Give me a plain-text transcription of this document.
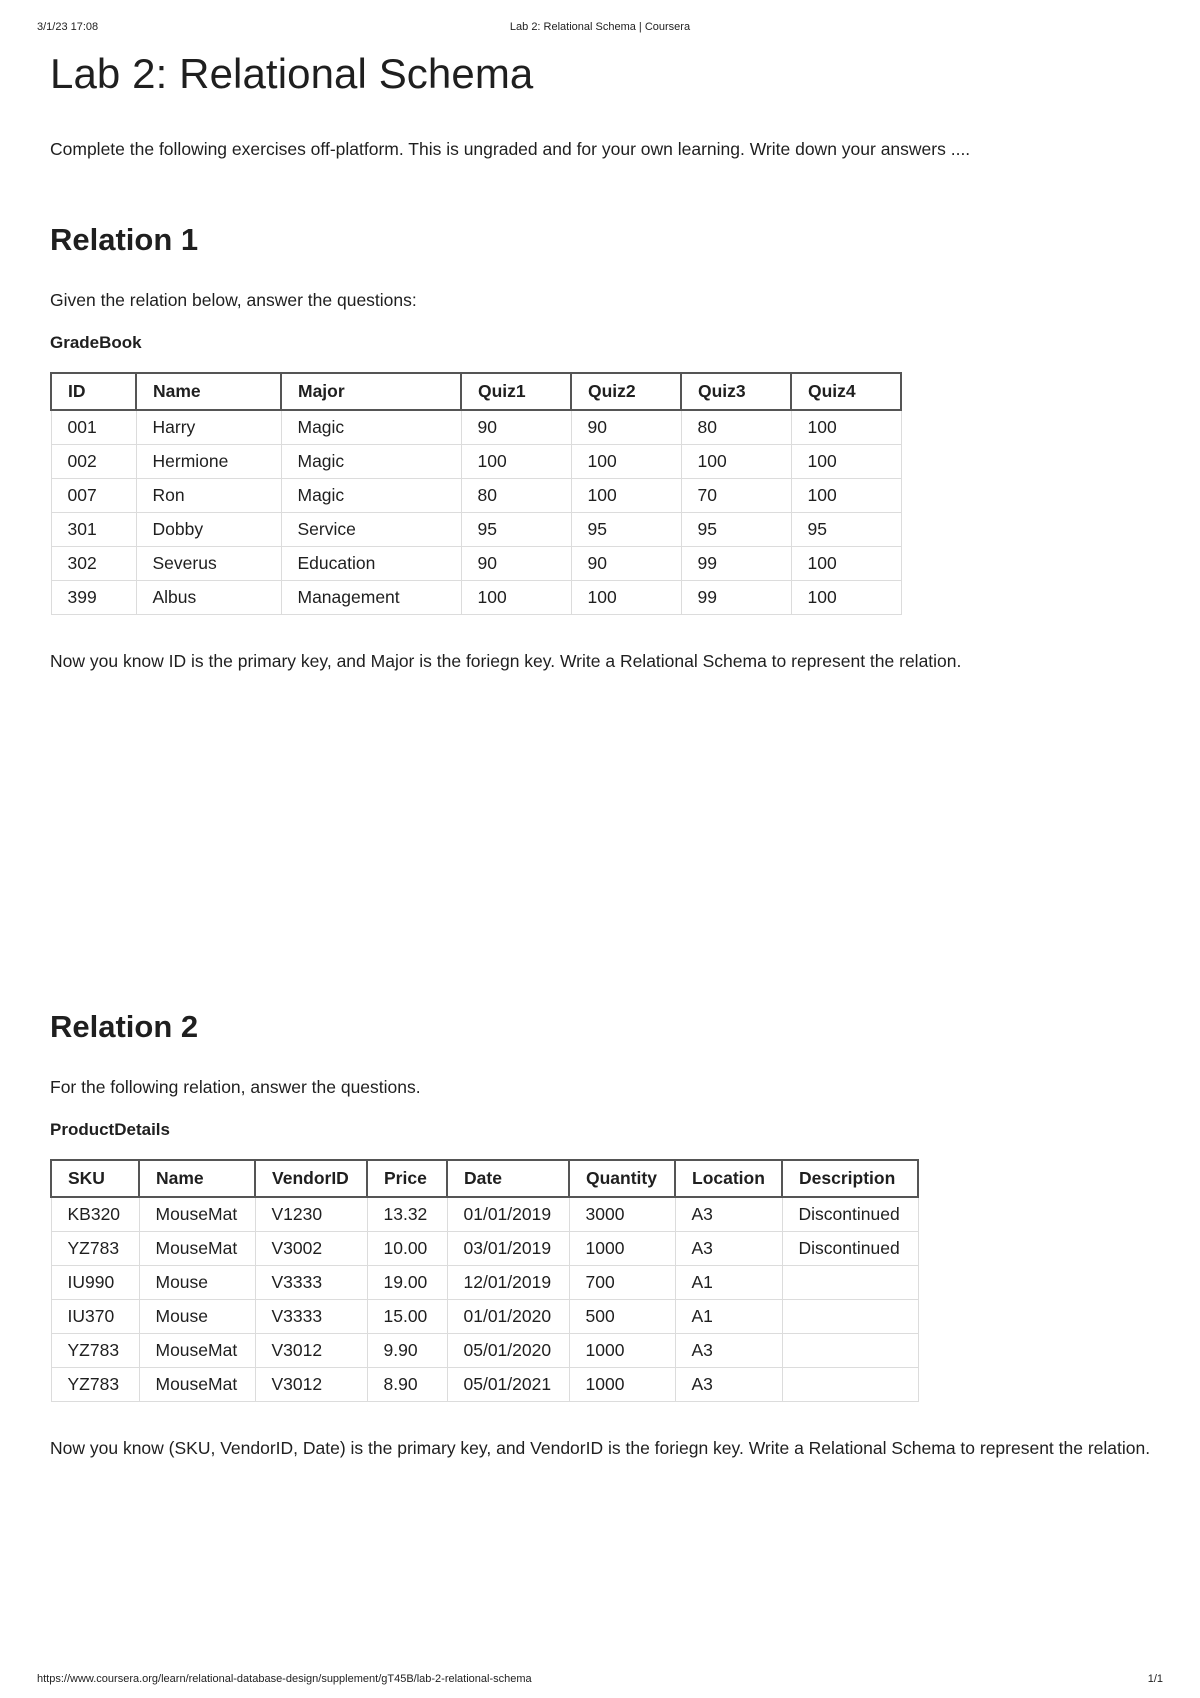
3/1/23 17:08	Lab 2: Relational Schema | Coursera
Lab 2: Relational Schema
Complete the following exercises off-platform. This is ungraded and for your own learning. Write down your answers ....
Relation 1
Given the relation below, answer the questions:
GradeBook
ID	Name	Major	Quiz1	Quiz2	Quiz3	Quiz4
001	Harry	Magic	90	90	80	100
002	Hermione	Magic	100	100	100	100
007	Ron	Magic	80	100	70	100
301	Dobby	Service	95	95	95	95
302	Severus	Education	90	90	99	100
399	Albus	Management	100	100	99	100
Now you know ID is the primary key, and Major is the foriegn key. Write a Relational Schema to represent the relation.
Relation 2
For the following relation, answer the questions.
ProductDetails
SKU	Name	VendorID	Price	Date	Quantity	Location	Description
KB320	MouseMat	V1230	13.32	01/01/2019	3000	A3	Discontinued
YZ783	MouseMat	V3002	10.00	03/01/2019	1000	A3	Discontinued
IU990	Mouse	V3333	19.00	12/01/2019	700	A1	
IU370	Mouse	V3333	15.00	01/01/2020	500	A1	
YZ783	MouseMat	V3012	9.90	05/01/2020	1000	A3	
YZ783	MouseMat	V3012	8.90	05/01/2021	1000	A3	
Now you know (SKU, VendorID, Date) is the primary key, and VendorID is the foriegn key. Write a Relational Schema to represent the relation.
https://www.coursera.org/learn/relational-database-design/supplement/gT45B/lab-2-relational-schema	1/1
